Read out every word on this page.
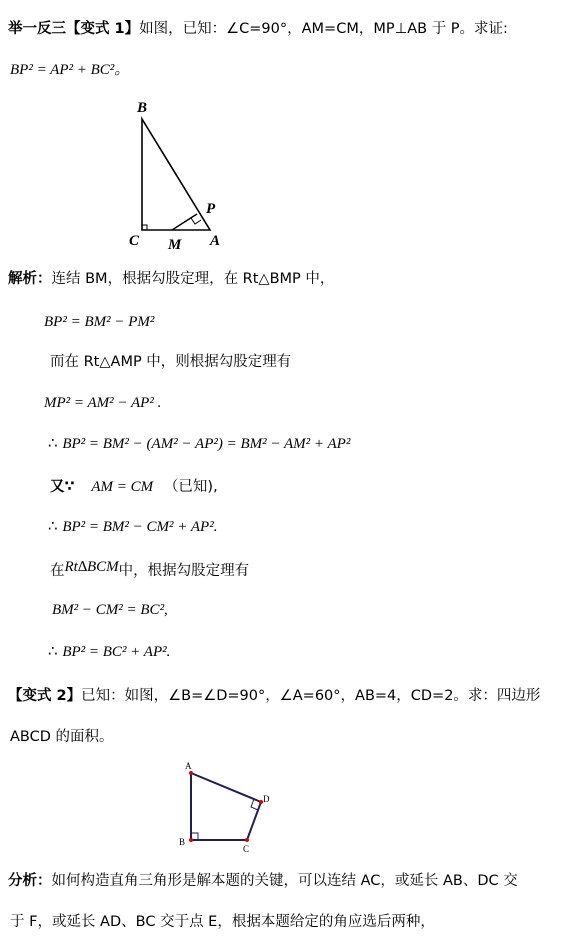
举一反三【变式 1】如图，已知：∠C=90°，AM=CM，MP⊥AB 于 P。求证:
BP² = AP² + BC²。
B
C M A
P
解析：连结 BM，根据勾股定理，在 Rt△BMP 中，
BP² = BM² − PM²
而在 Rt△AMP 中，则根据勾股定理有
MP² = AM² − AP² .
∴ BP² = BM² − (AM² − AP²) = BM² − AM² + AP²
又∵ AM = CM （已知),
∴ BP² = BM² − CM² + AP².
在Rt∆BCM中，根据勾股定理有
BM² − CM² = BC²,
∴ BP² = BC² + AP².
【变式 2】已知：如图，∠B=∠D=90°，∠A=60°，AB=4，CD=2。求：四边形
ABCD 的面积。
A
D
C
B
分析：如何构造直角三角形是解本题的关键，可以连结 AC，或延长 AB、DC 交
于 F，或延长 AD、BC 交于点 E，根据本题给定的角应选后两种，
